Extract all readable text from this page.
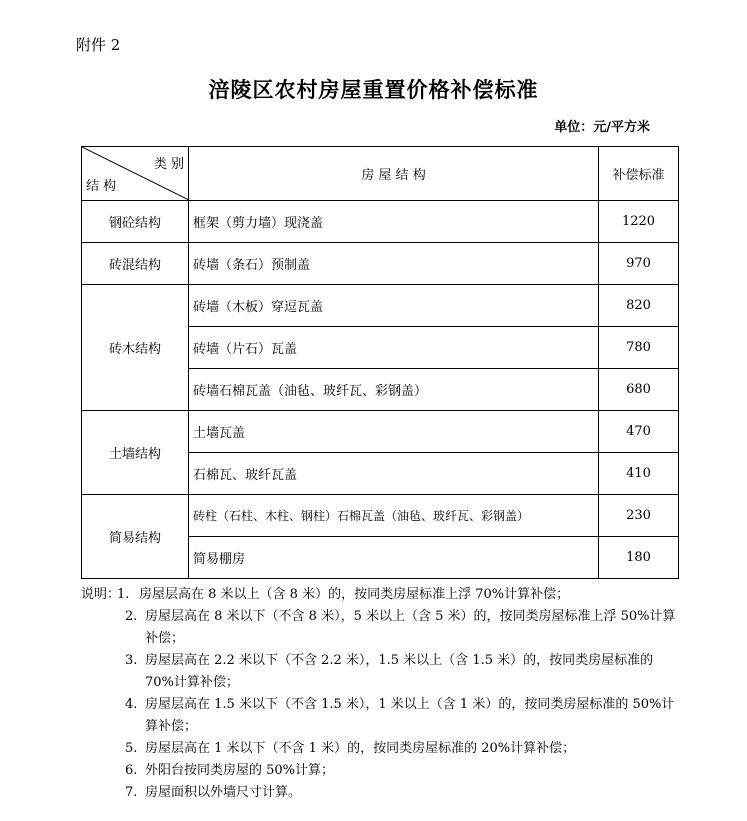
附件 2
涪陵区农村房屋重置价格补偿标准
单位：元/平方米
类 别
结 构	房 屋 结 构	补偿标准
钢砼结构	框架（剪力墙）现浇盖	1220
砖混结构	砖墙（条石）预制盖	970
砖木结构	砖墙（木板）穿逗瓦盖	820
	砖墙（片石）瓦盖	780
	砖墙石棉瓦盖（油毡、玻纤瓦、彩钢盖）	680
土墙结构	土墙瓦盖	470
	石棉瓦、玻纤瓦盖	410
简易结构	砖柱（石柱、木柱、钢柱）石棉瓦盖（油毡、玻纤瓦、彩钢盖）	230
	简易棚房	180
说明：
1. 房屋层高在 8 米以上（含 8 米）的，按同类房屋标准上浮 70%计算补偿；
2. 房屋层高在 8 米以下（不含 8 米），5 米以上（含 5 米）的，按同类房屋标准上浮 50%计算补偿；
3. 房屋层高在 2.2 米以下（不含 2.2 米），1.5 米以上（含 1.5 米）的，按同类房屋标准的 70%计算补偿；
4. 房屋层高在 1.5 米以下（不含 1.5 米），1 米以上（含 1 米）的，按同类房屋标准的 50%计算补偿；
5. 房屋层高在 1 米以下（不含 1 米）的，按同类房屋标准的 20%计算补偿；
6. 外阳台按同类房屋的 50%计算；
7. 房屋面积以外墙尺寸计算。
